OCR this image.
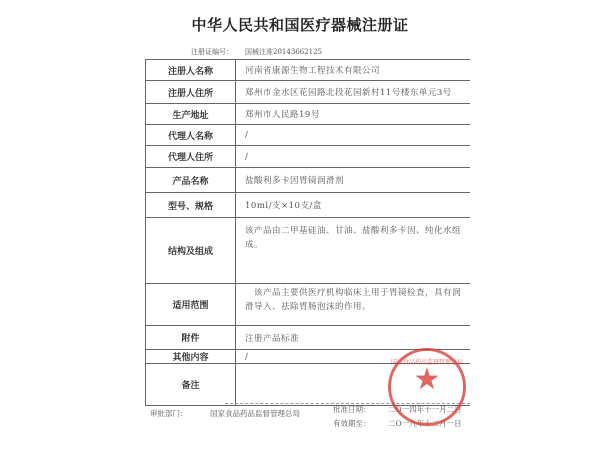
中华人民共和国医疗器械注册证
注册证编号： 国械注准20143662125
注册人名称	河南省康源生物工程技术有限公司
注册人住所	郑州市金水区花园路北段花园新村11号楼东单元3号
生产地址	郑州市人民路19号
代理人名称	/
代理人住所	/
产品名称	盐酸利多卡因胃镜润滑剂
型号、规格	10ml/支×10支/盒
结构及组成	该产品由二甲基硅油、甘油、盐酸利多卡因、纯化水组成。
适用范围	　该产品主要供医疗机构临床上用于胃镜检查，具有润滑导入、祛除胃肠泡沫的作用。
附件	注册产品标准
其他内容	/
备注	
审批部门：	国家食品药品监督管理总局	批准日期： 二O一四年十一月二日
有效期至： 二O一九年十二月一日
国家食品药品监督管理总局
★
